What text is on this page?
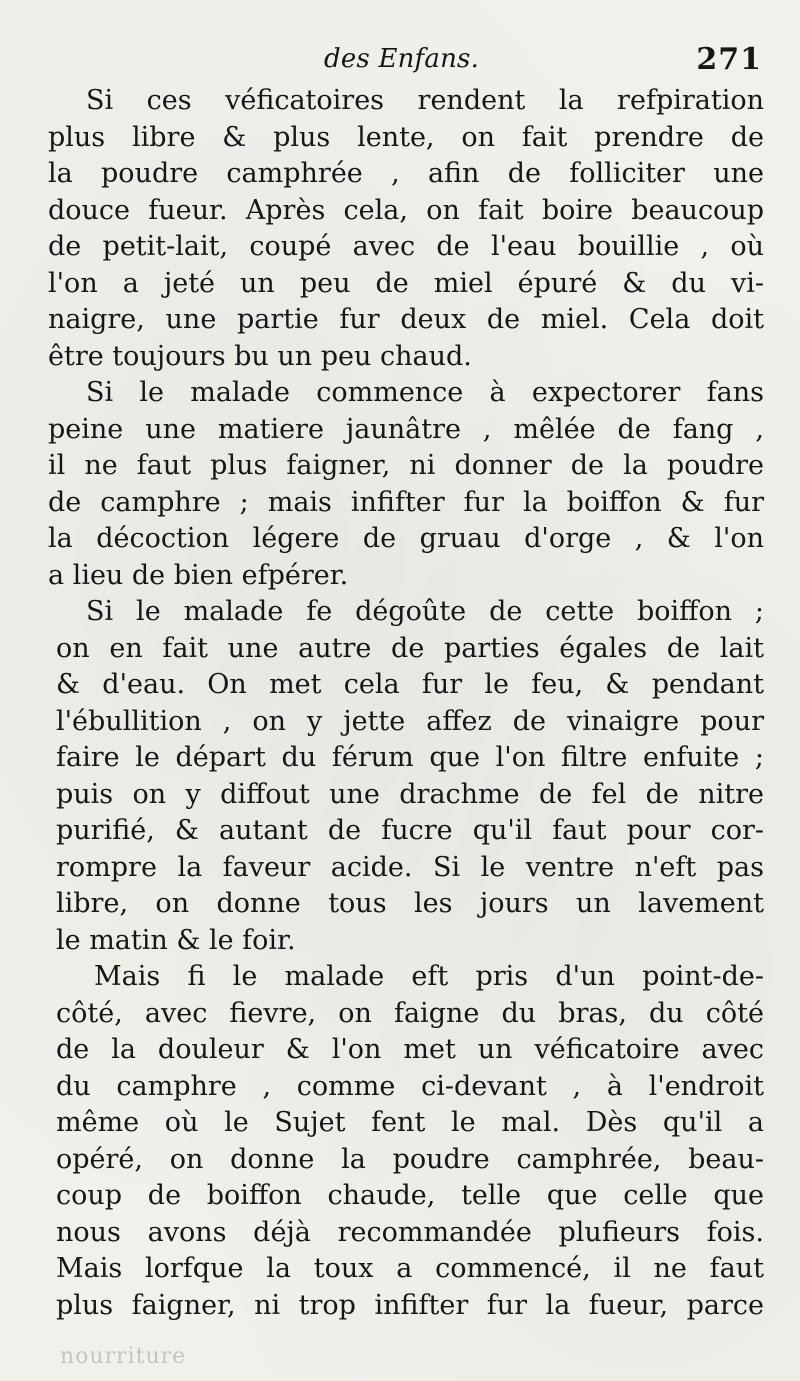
des Enfans.	271
Si ces véficatoires rendent la refpiration
plus libre & plus lente, on fait prendre de
la poudre camphrée , afin de folliciter une
douce fueur. Après cela, on fait boire beaucoup
de petit-lait, coupé avec de l'eau bouillie , où
l'on a jeté un peu de miel épuré & du vi-
naigre, une partie fur deux de miel. Cela doit
être toujours bu un peu chaud.
Si le malade commence à expectorer fans
peine une matiere jaunâtre , mêlée de fang ,
il ne faut plus faigner, ni donner de la poudre
de camphre ; mais infifter fur la boiffon & fur
la décoction légere de gruau d'orge , & l'on
a lieu de bien efpérer.
Si le malade fe dégoûte de cette boiffon ;
on en fait une autre de parties égales de lait
& d'eau. On met cela fur le feu, & pendant
l'ébullition , on y jette affez de vinaigre pour
faire le départ du férum que l'on filtre enfuite ;
puis on y diffout une drachme de fel de nitre
purifié, & autant de fucre qu'il faut pour cor-
rompre la faveur acide. Si le ventre n'eft pas
libre, on donne tous les jours un lavement
le matin & le foir.
Mais fi le malade eft pris d'un point-de-
côté, avec fievre, on faigne du bras, du côté
de la douleur & l'on met un véficatoire avec
du camphre , comme ci-devant , à l'endroit
même où le Sujet fent le mal. Dès qu'il a
opéré, on donne la poudre camphrée, beau-
coup de boiffon chaude, telle que celle que
nous avons déjà recommandée plufieurs fois.
Mais lorfque la toux a commencé, il ne faut
plus faigner, ni trop infifter fur la fueur, parce
nourriture
